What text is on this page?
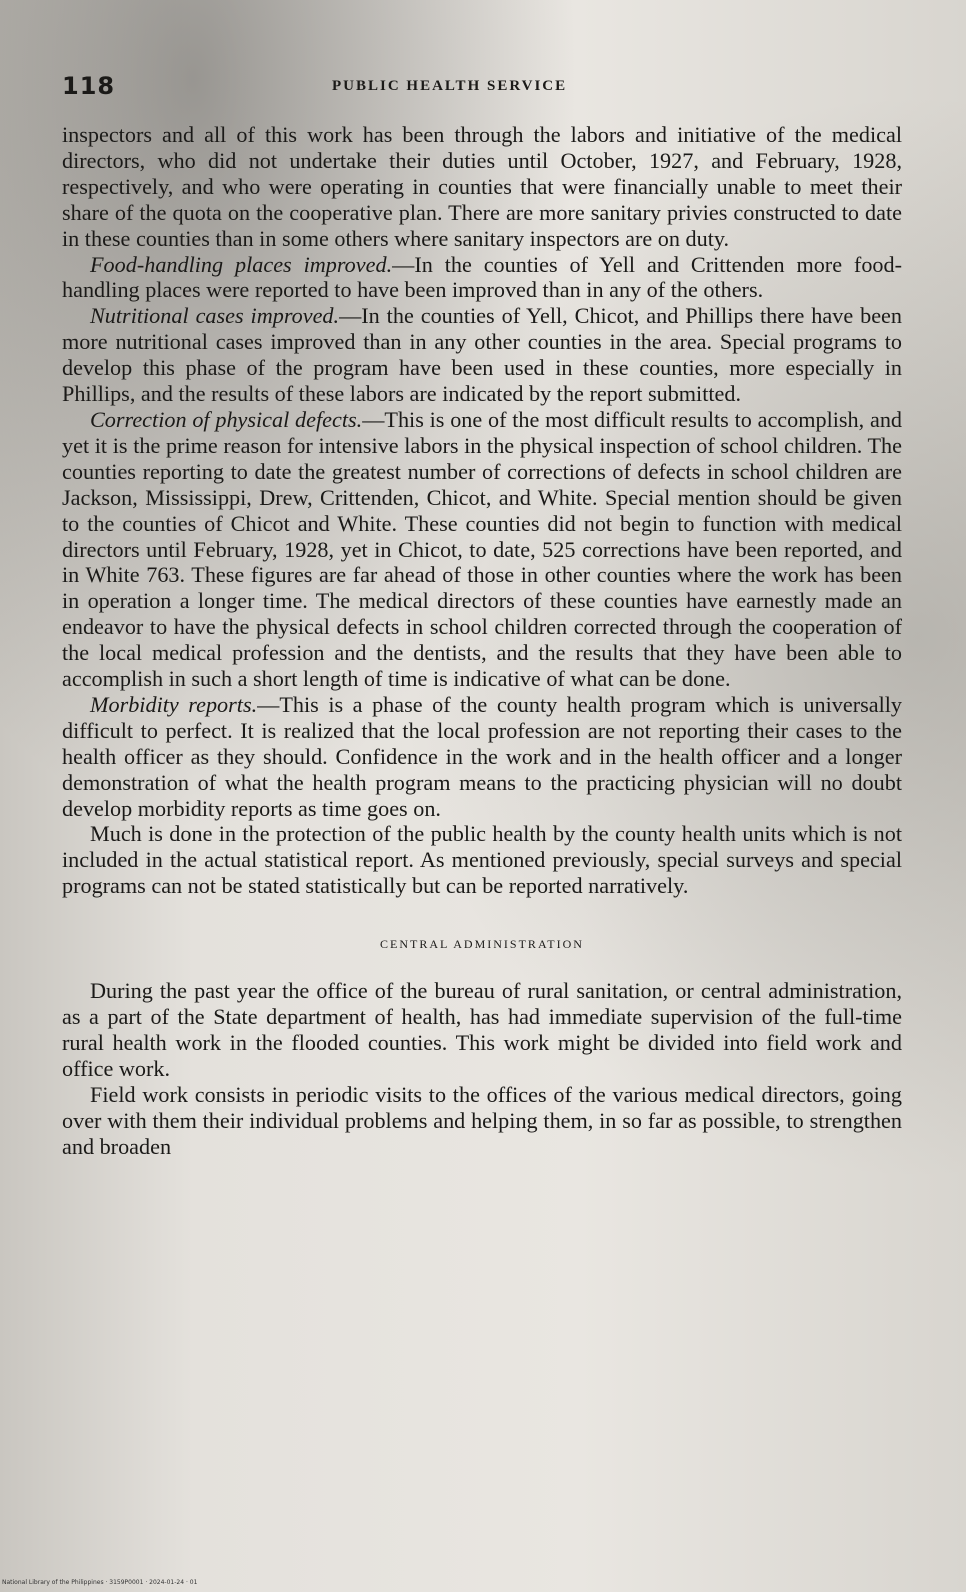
118	PUBLIC HEALTH SERVICE

inspectors and all of this work has been through the labors and initiative of the medical directors, who did not undertake their duties until October, 1927, and February, 1928, respectively, and who were operating in counties that were financially unable to meet their share of the quota on the cooperative plan. There are more sanitary privies constructed to date in these counties than in some others where sanitary inspectors are on duty.

Food-handling places improved.—In the counties of Yell and Crittenden more food-handling places were reported to have been improved than in any of the others.

Nutritional cases improved.—In the counties of Yell, Chicot, and Phillips there have been more nutritional cases improved than in any other counties in the area. Special programs to develop this phase of the program have been used in these counties, more especially in Phillips, and the results of these labors are indicated by the report submitted.

Correction of physical defects.—This is one of the most difficult results to accomplish, and yet it is the prime reason for intensive labors in the physical inspection of school children. The counties reporting to date the greatest number of corrections of defects in school children are Jackson, Mississippi, Drew, Crittenden, Chicot, and White. Special mention should be given to the counties of Chicot and White. These counties did not begin to function with medical directors until February, 1928, yet in Chicot, to date, 525 corrections have been reported, and in White 763. These figures are far ahead of those in other counties where the work has been in operation a longer time. The medical directors of these counties have earnestly made an endeavor to have the physical defects in school children corrected through the cooperation of the local medical profession and the dentists, and the results that they have been able to accomplish in such a short length of time is indicative of what can be done.

Morbidity reports.—This is a phase of the county health program which is universally difficult to perfect. It is realized that the local profession are not reporting their cases to the health officer as they should. Confidence in the work and in the health officer and a longer demonstration of what the health program means to the practicing physician will no doubt develop morbidity reports as time goes on.

Much is done in the protection of the public health by the county health units which is not included in the actual statistical report. As mentioned previously, special surveys and special programs can not be stated statistically but can be reported narratively.

CENTRAL ADMINISTRATION

During the past year the office of the bureau of rural sanitation, or central administration, as a part of the State department of health, has had immediate supervision of the full-time rural health work in the flooded counties. This work might be divided into field work and office work.

Field work consists in periodic visits to the offices of the various medical directors, going over with them their individual problems and helping them, in so far as possible, to strengthen and broaden

National Library of the Philippines · 3159P0001 · 2024-01-24 · 01
